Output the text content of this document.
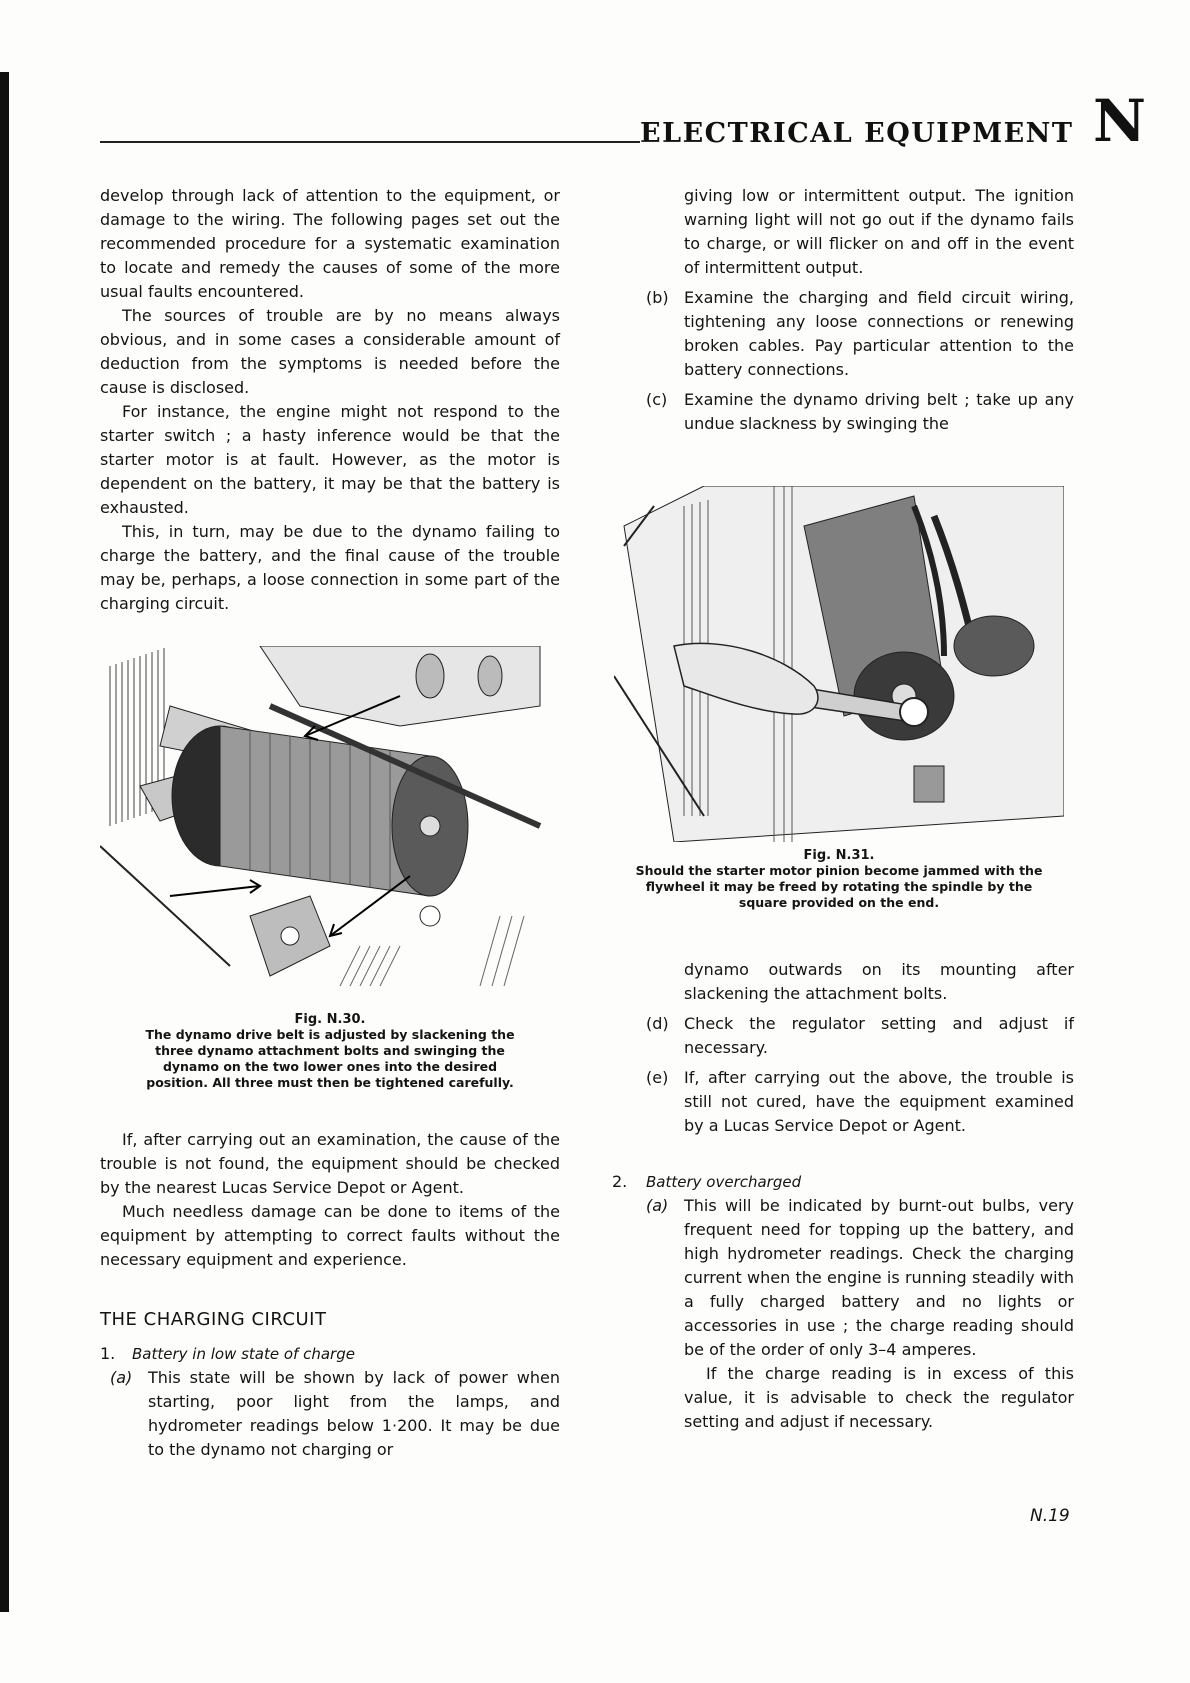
ELECTRICAL EQUIPMENT N

develop through lack of attention to the equipment, or damage to the wiring. The following pages set out the recommended procedure for a systematic examination to locate and remedy the causes of some of the more usual faults encountered.

The sources of trouble are by no means always obvious, and in some cases a considerable amount of deduction from the symptoms is needed before the cause is disclosed.

For instance, the engine might not respond to the starter switch ; a hasty inference would be that the starter motor is at fault. However, as the motor is dependent on the battery, it may be that the battery is exhausted.

This, in turn, may be due to the dynamo failing to charge the battery, and the final cause of the trouble may be, perhaps, a loose connection in some part of the charging circuit.

Fig. N.30.
The dynamo drive belt is adjusted by slackening the three dynamo attachment bolts and swinging the dynamo on the two lower ones into the desired position. All three must then be tightened carefully.

If, after carrying out an examination, the cause of the trouble is not found, the equipment should be checked by the nearest Lucas Service Depot or Agent.

Much needless damage can be done to items of the equipment by attempting to correct faults without the necessary equipment and experience.

THE CHARGING CIRCUIT

1.	Battery in low state of charge
(a) This state will be shown by lack of power when starting, poor light from the lamps, and hydrometer readings below 1·200. It may be due to the dynamo not charging or

giving low or intermittent output. The ignition warning light will not go out if the dynamo fails to charge, or will flicker on and off in the event of intermittent output.

(b) Examine the charging and field circuit wiring, tightening any loose connections or renewing broken cables. Pay particular attention to the battery connections.
(c)	Examine the dynamo driving belt ; take up any undue slackness by swinging the
Fig. N.31.
Should the starter motor pinion become jammed with the flywheel it may be freed by rotating the spindle by the square provided on the end.

dynamo outwards on its mounting after slackening the attachment bolts.

(d) Check the regulator setting and adjust if necessary.
(e) If, after carrying out the above, the trouble is still not cured, have the equipment examined by a Lucas Service Depot or Agent.
2.	Battery overcharged
(a) This will be indicated by burnt-out bulbs, very frequent need for topping up the battery, and high hydrometer readings. Check the charging current when the engine is running steadily with a fully charged battery and no lights or accessories in use ; the charge reading should be of the order of only 3–4 amperes.

If the charge reading is in excess of this value, it is advisable to check the regulator setting and adjust if necessary.

N.19
